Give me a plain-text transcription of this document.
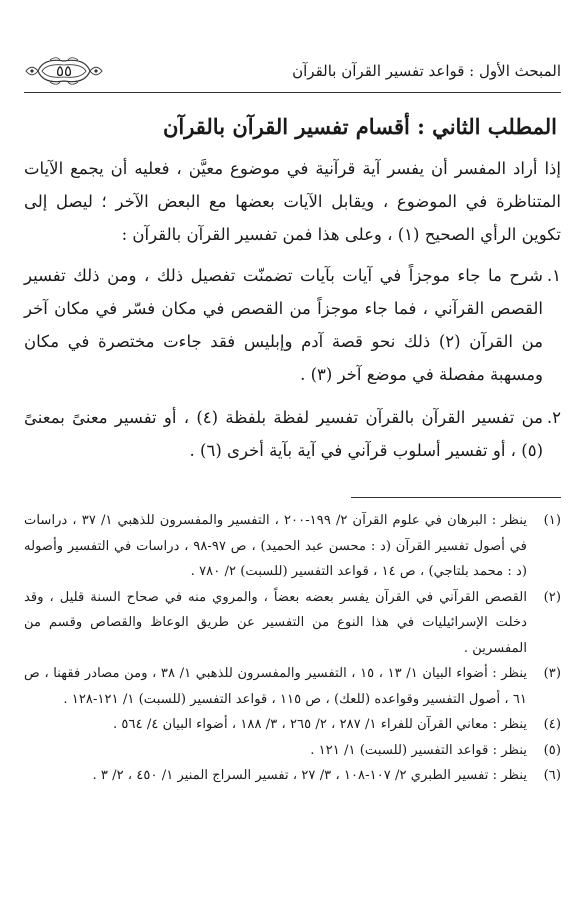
المبحث الأول : قواعد تفسير القرآن بالقرآن
٥٥
المطلب الثاني : أقسام تفسير القرآن بالقرآن

إذا أراد المفسر أن يفسر آية قرآنية في موضوع معيَّن ، فعليه أن يجمع الآيات المتناظرة في الموضوع ، ويقابل الآيات بعضها مع البعض الآخر ؛ ليصل إلى تكوين الرأي الصحيح (١) ، وعلى هذا فمن تفسير القرآن بالقرآن :

١.
شرح ما جاء موجزاً في آيات بآيات تضمنّت تفصيل ذلك ، ومن ذلك تفسير القصص القرآني ، فما جاء موجزاً من القصص في مكان فسّر في مكان آخر من القرآن (٢) ذلك نحو قصة آدم وإبليس فقد جاءت مختصرة في مكان ومسهبة مفصلة في موضع آخر (٣) .
٢.
من تفسير القرآن بالقرآن تفسير لفظة بلفظة (٤) ، أو تفسير معنىً بمعنىً (٥) ، أو تفسير أسلوب قرآني في آية بآية أخرى (٦) .
(١)
ينظر : البرهان في علوم القرآن ٢/ ١٩٩-٢٠٠ ، التفسير والمفسرون للذهبي ١/ ٣٧ ، دراسات في أصول تفسير القرآن (د : محسن عبد الحميد) ، ص ٩٧-٩٨ ، دراسات في التفسير وأصوله (د : محمد بلتاجي) ، ص ١٤ ، قواعد التفسير (للسبت) ٢/ ٧٨٠ .
(٢)
القصص القرآني في القرآن يفسر بعضه بعضاً ، والمروي منه في صحاح السنة قليل ، وقد دخلت الإسرائيليات في هذا النوع من التفسير عن طريق الوعاظ والقصاص وقسم من المفسرين .
(٣)
ينظر : أضواء البيان ١/ ١٣ ، ١٥ ، التفسير والمفسرون للذهبي ١/ ٣٨ ، ومن مصادر فقهنا ، ص ٦١ ، أصول التفسير وقواعده (للعك) ، ص ١١٥ ، قواعد التفسير (للسبت) ١/ ١٢١-١٢٨ .
(٤)
ينظر : معاني القرآن للفراء ١/ ٢٨٧ ، ٢/ ٢٦٥ ، ٣/ ١٨٨ ، أضواء البيان ٤/ ٥٦٤ .
(٥)
ينظر : قواعد التفسير (للسبت) ١/ ١٢١ .
(٦)
ينظر : تفسير الطبري ٢/ ١٠٧-١٠٨ ، ٣/ ٢٧ ، تفسير السراج المنير ١/ ٤٥٠ ، ٢/ ٣ .
